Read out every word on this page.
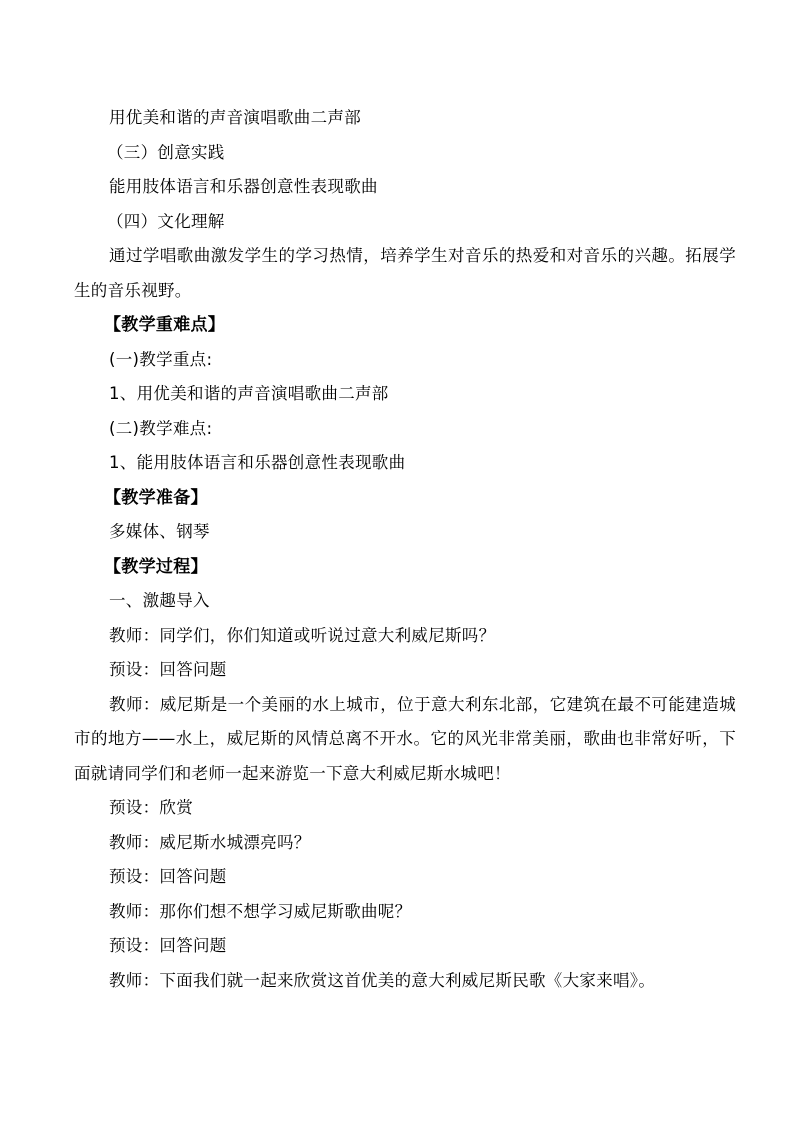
用优美和谐的声音演唱歌曲二声部
（三）创意实践
能用肢体语言和乐器创意性表现歌曲
（四）文化理解
通过学唱歌曲激发学生的学习热情，培养学生对音乐的热爱和对音乐的兴趣。拓展学生的音乐视野。
【教学重难点】
(一)教学重点:
1、用优美和谐的声音演唱歌曲二声部
(二)教学难点:
1、能用肢体语言和乐器创意性表现歌曲
【教学准备】
多媒体、钢琴
【教学过程】
一、激趣导入
教师：同学们，你们知道或听说过意大利威尼斯吗？
预设：回答问题
教师：威尼斯是一个美丽的水上城市，位于意大利东北部，它建筑在最不可能建造城市的地方——水上，威尼斯的风情总离不开水。它的风光非常美丽，歌曲也非常好听，下面就请同学们和老师一起来游览一下意大利威尼斯水城吧！
预设：欣赏
教师：威尼斯水城漂亮吗？
预设：回答问题
教师：那你们想不想学习威尼斯歌曲呢？
预设：回答问题
教师：下面我们就一起来欣赏这首优美的意大利威尼斯民歌《大家来唱》。
